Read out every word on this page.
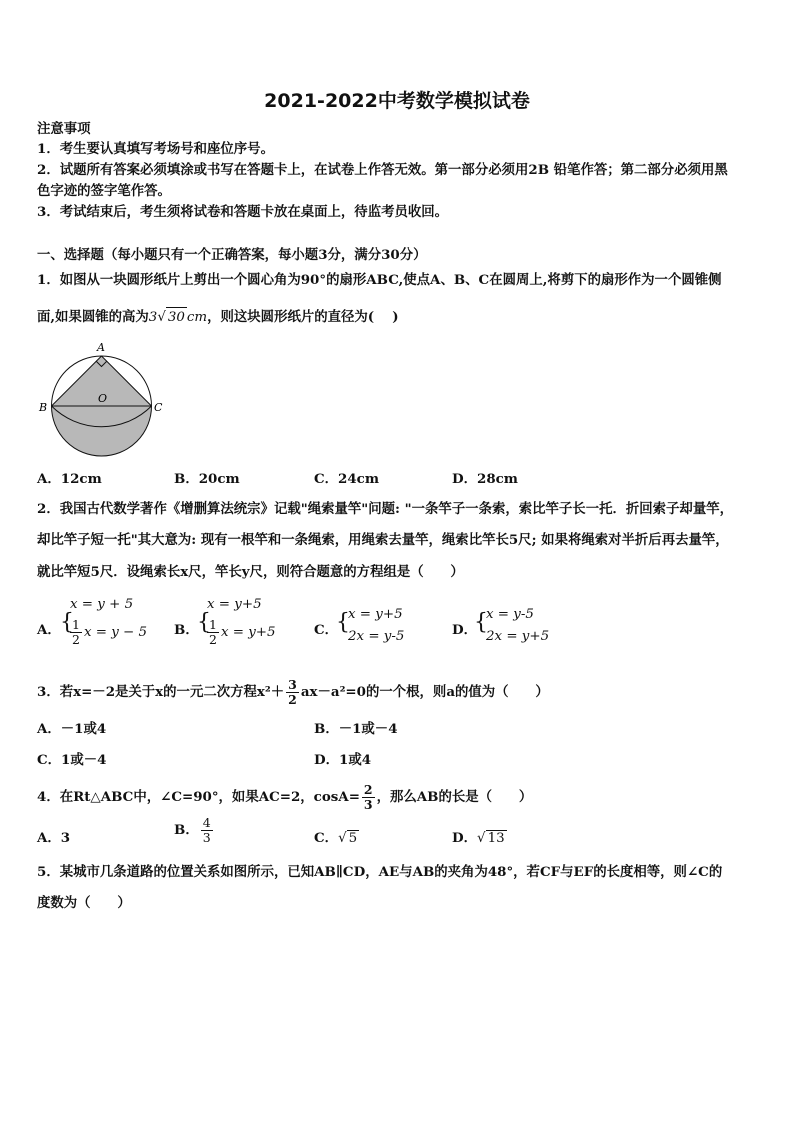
2021-2022中考数学模拟试卷
注意事项
1．考生要认真填写考场号和座位序号。
2．试题所有答案必须填涂或书写在答题卡上，在试卷上作答无效。第一部分必须用2B 铅笔作答；第二部分必须用黑
色字迹的签字笔作答。
3．考试结束后，考生须将试卷和答题卡放在桌面上，待监考员收回。
一、选择题（每小题只有一个正确答案，每小题3分，满分30分）
1．如图从一块圆形纸片上剪出一个圆心角为90°的扇形ABC,使点A、B、C在圆周上,将剪下的扇形作为一个圆锥侧
面,如果圆锥的高为3√ 30 cm，则这块圆形纸片的直径为(　 )
A
B	C
O
A．12cm	B．20cm	C．24cm	D．28cm
2．我国古代数学著作《增删算法统宗》记载"绳索量竿"问题: "一条竿子一条索，索比竿子长一托．折回索子却量竿，
却比竿子短一托"其大意为: 现有一根竿和一条绳索，用绳索去量竿，绳索比竿长5尺; 如果将绳索对半折后再去量竿，
就比竿短5尺．设绳索长x尺，竿长y尺，则符合题意的方程组是（　　）
A． {
x = y + 5
$\frac{1}{2}$ x = y − 5 B．
{
x = y+5
$\frac{1}{2}$ x = y+5	C．
{
x = y+5
2x = y-5	D．
{
x = y-5
2x = y+5
3．若x=－2是关于x的一元二次方程$x^2+ \frac{3}{2} ax-a^2=0$的一个根，则a的值为（　　）
A．－1或4	B．－1或－4
C．1或－4	D．1或4
4．在Rt△ABC中，∠C=90°，如果AC=2，$\cos A= \frac{2}{3}$ ，那么AB的长是（　　）
A．3	B． $\frac{4}{3}$	C．√ 5	D．√ 13
5．某城市几条道路的位置关系如图所示，已知AB∥CD，AE与AB的夹角为48°，若CF与EF的长度相等，则∠C的
度数为（　　）
